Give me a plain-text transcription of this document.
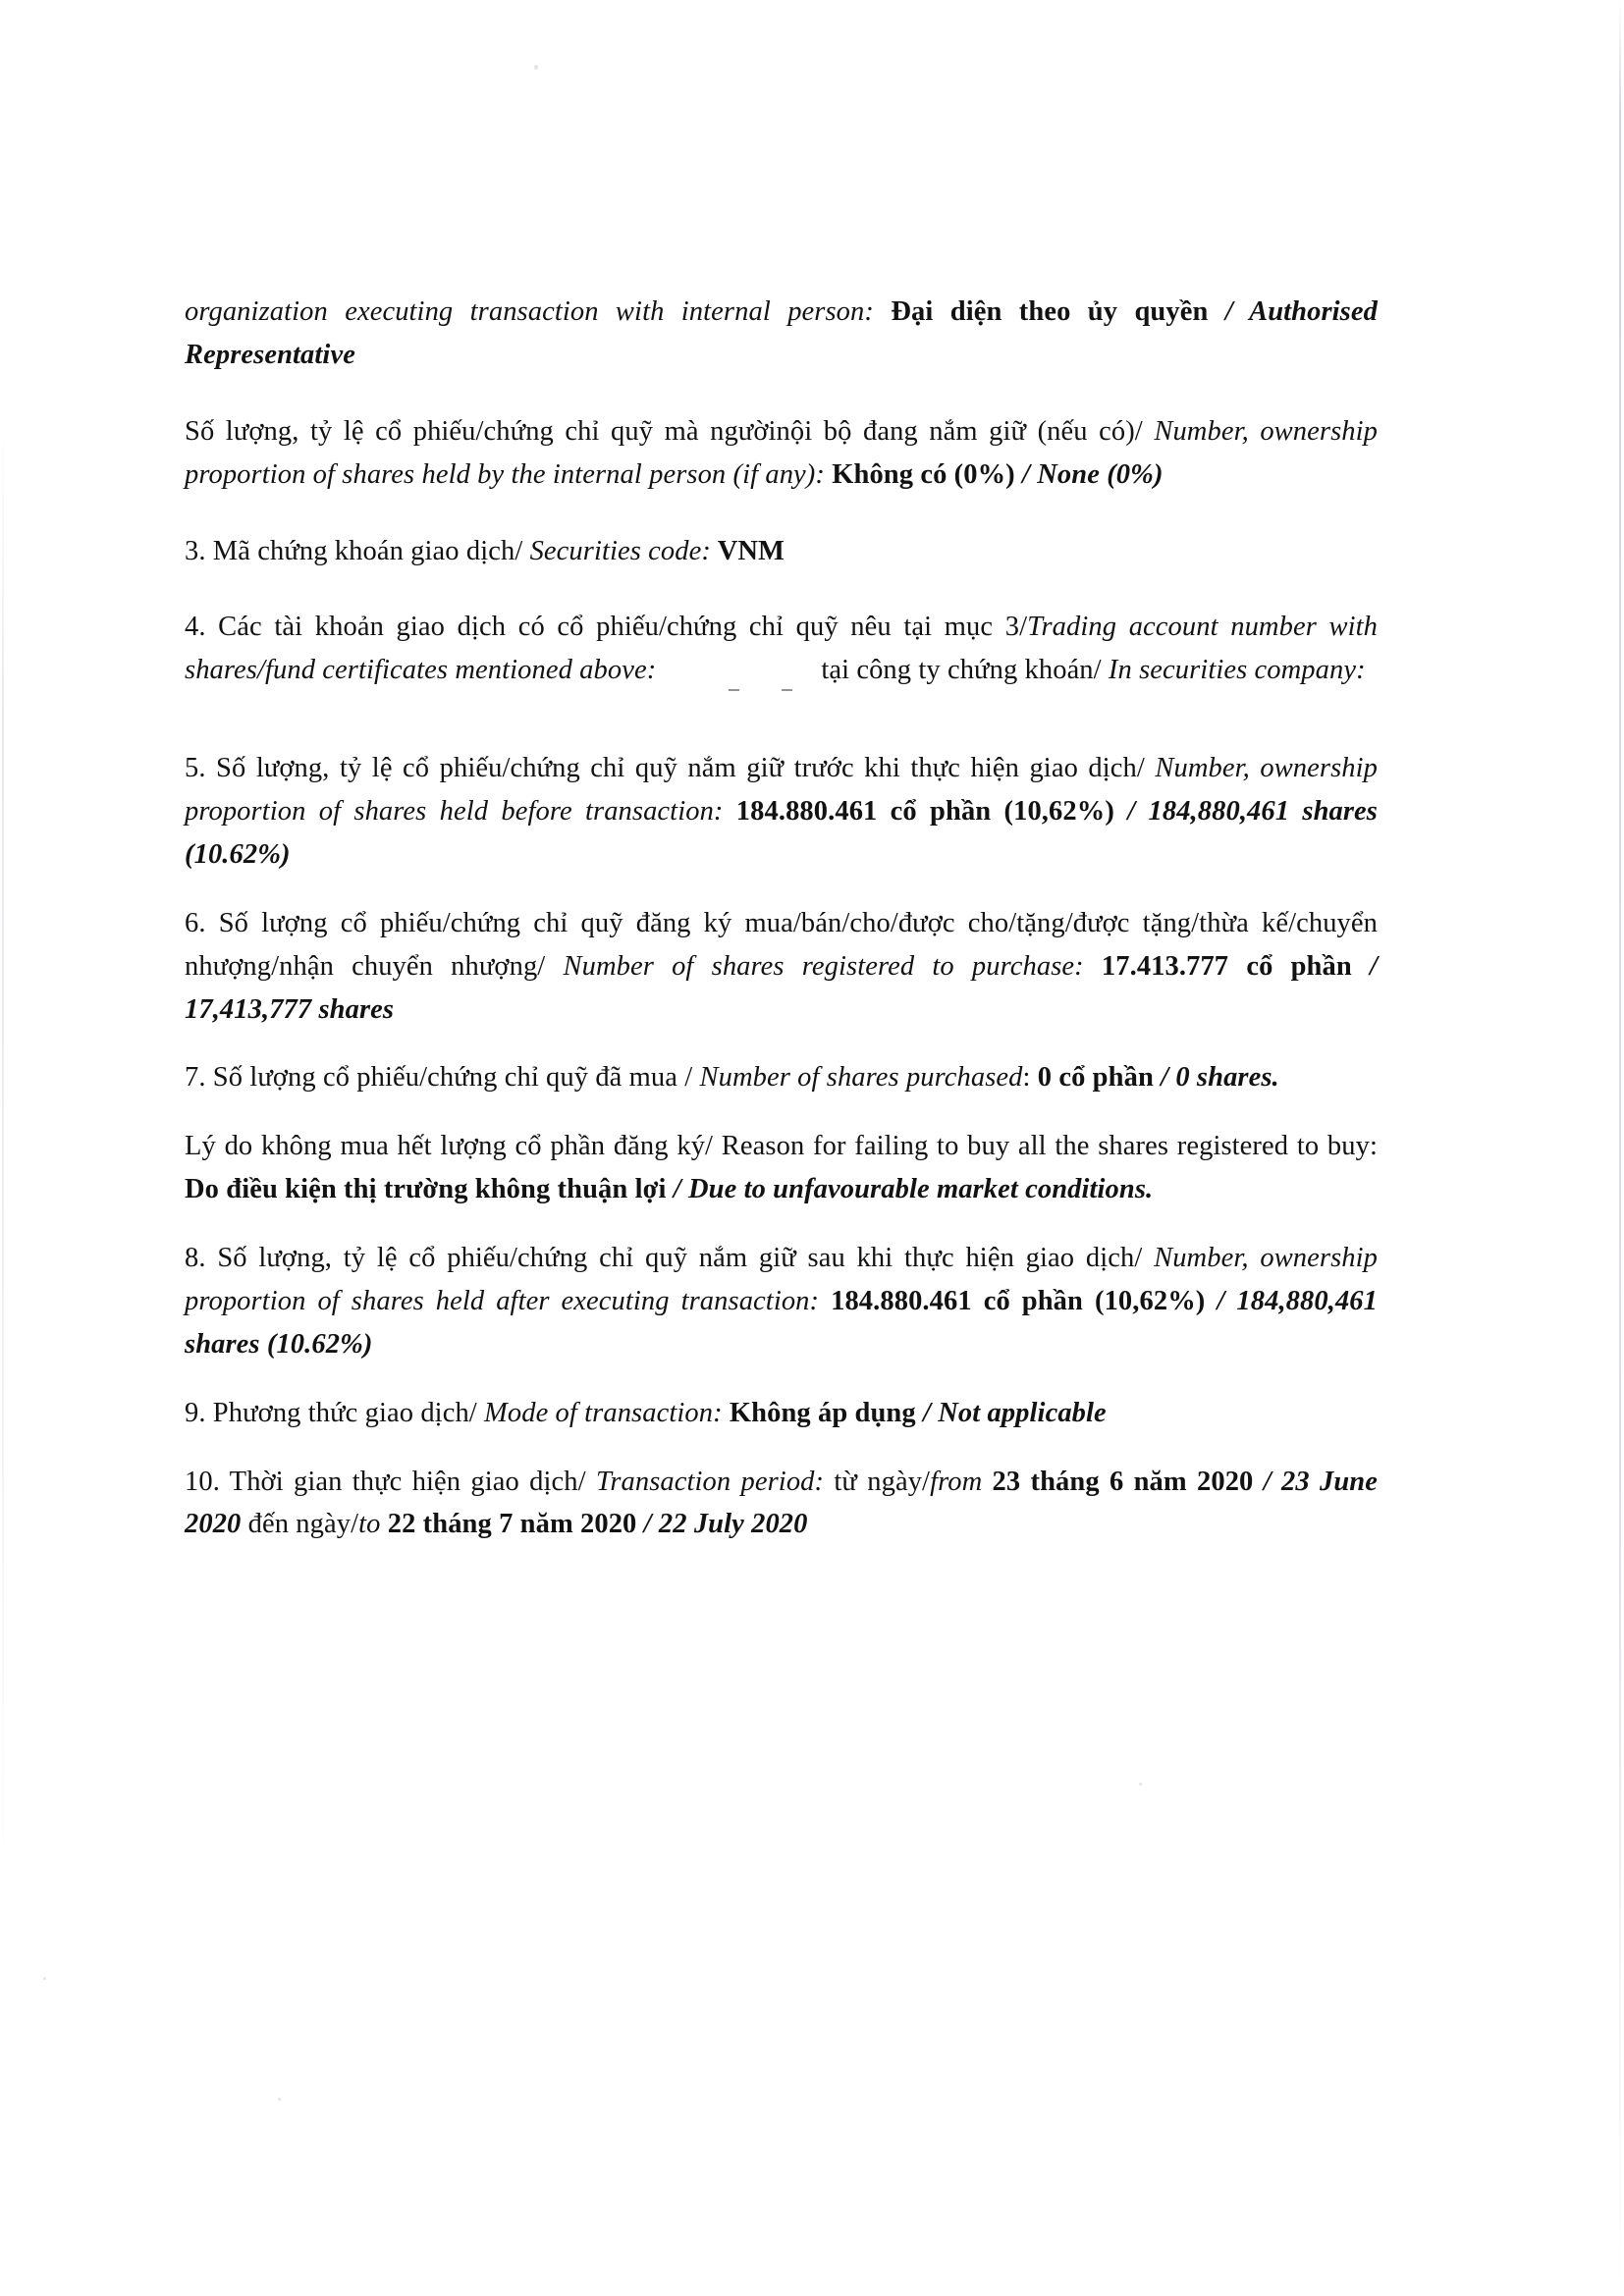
organization executing transaction with internal person: Đại diện theo ủy quyền / Authorised Representative

Số lượng, tỷ lệ cổ phiếu/chứng chỉ quỹ mà ngườinội bộ đang nắm giữ (nếu có)/ Number, ownership proportion of shares held by the internal person (if any): Không có (0%) / None (0%)

3. Mã chứng khoán giao dịch/ Securities code: VNM

4. Các tài khoản giao dịch có cổ phiếu/chứng chỉ quỹ nêu tại mục 3/Trading account number with shares/fund certificates mentioned above:	tại công ty chứng khoán/ In securities company:

5. Số lượng, tỷ lệ cổ phiếu/chứng chỉ quỹ nắm giữ trước khi thực hiện giao dịch/ Number, ownership proportion of shares held before transaction: 184.880.461 cổ phần (10,62%) / 184,880,461 shares (10.62%)

6. Số lượng cổ phiếu/chứng chỉ quỹ đăng ký mua/bán/cho/được cho/tặng/được tặng/thừa kế/chuyển nhượng/nhận chuyển nhượng/ Number of shares registered to purchase: 17.413.777 cổ phần / 17,413,777 shares

7. Số lượng cổ phiếu/chứng chỉ quỹ đã mua / Number of shares purchased: 0 cổ phần / 0 shares.

Lý do không mua hết lượng cổ phần đăng ký/ Reason for failing to buy all the shares registered to buy: Do điều kiện thị trường không thuận lợi / Due to unfavourable market conditions.

8. Số lượng, tỷ lệ cổ phiếu/chứng chỉ quỹ nắm giữ sau khi thực hiện giao dịch/ Number, ownership proportion of shares held after executing transaction: 184.880.461 cổ phần (10,62%) / 184,880,461 shares (10.62%)

9. Phương thức giao dịch/ Mode of transaction: Không áp dụng / Not applicable

10. Thời gian thực hiện giao dịch/ Transaction period: từ ngày/from 23 tháng 6 năm 2020 / 23 June 2020 đến ngày/to 22 tháng 7 năm 2020 / 22 July 2020
